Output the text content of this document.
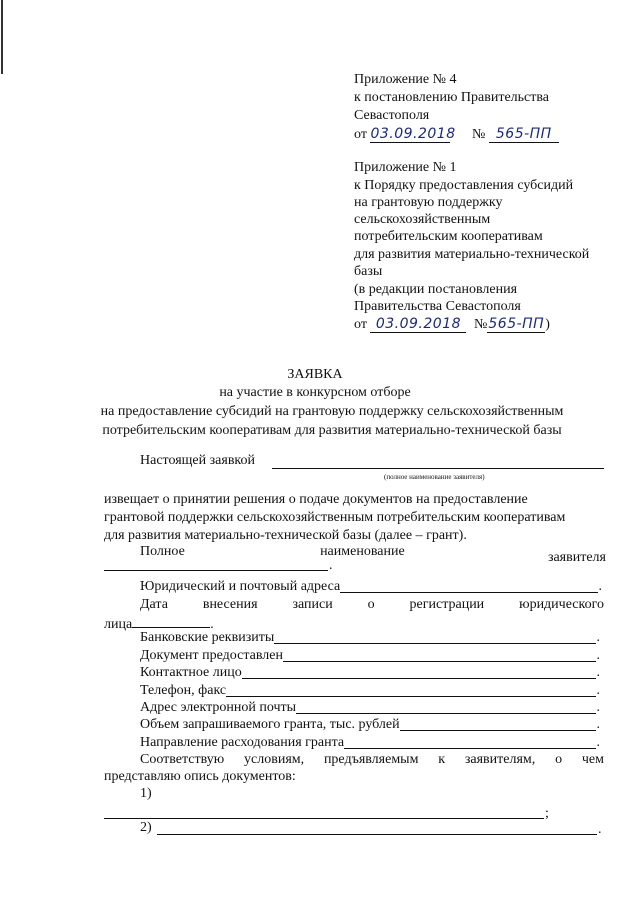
Приложение № 4
к постановлению Правительства
Севастополя
от 03.09.2018 № 565-ПП
Приложение № 1
к Порядку предоставления субсидий
на грантовую поддержку
сельскохозяйственным
потребительским кооперативам
для развития материально-технической
базы
(в редакции постановления
Правительства Севастополя
от 03.09.2018 №565-ПП)
ЗАЯВКА
на участие в конкурсном отборе
на предоставление субсидий на грантовую поддержку сельскохозяйственным
потребительским кооперативам для развития материально-технической базы
Настоящей заявкой
(полное наименование заявителя)
извещает о принятии решения о подаче документов на предоставление
грантовой поддержки сельскохозяйственным потребительским кооперативам
для развития материально-технической базы (далее – грант).
Полное	наименование	заявителя
.
Юридический и почтовый адреса	.
Дата внесения записи о регистрации юридического
лица	.
Банковские реквизиты	.
Документ предоставлен	.
Контактное лицо	.
Телефон, факс	.
Адрес электронной почты	.
Объем запрашиваемого гранта, тыс. рублей	.
Направление расходования гранта	.
Соответствую условиям, предъявляемым к заявителям, о чем
представляю опись документов:
1)
;
2)	.
